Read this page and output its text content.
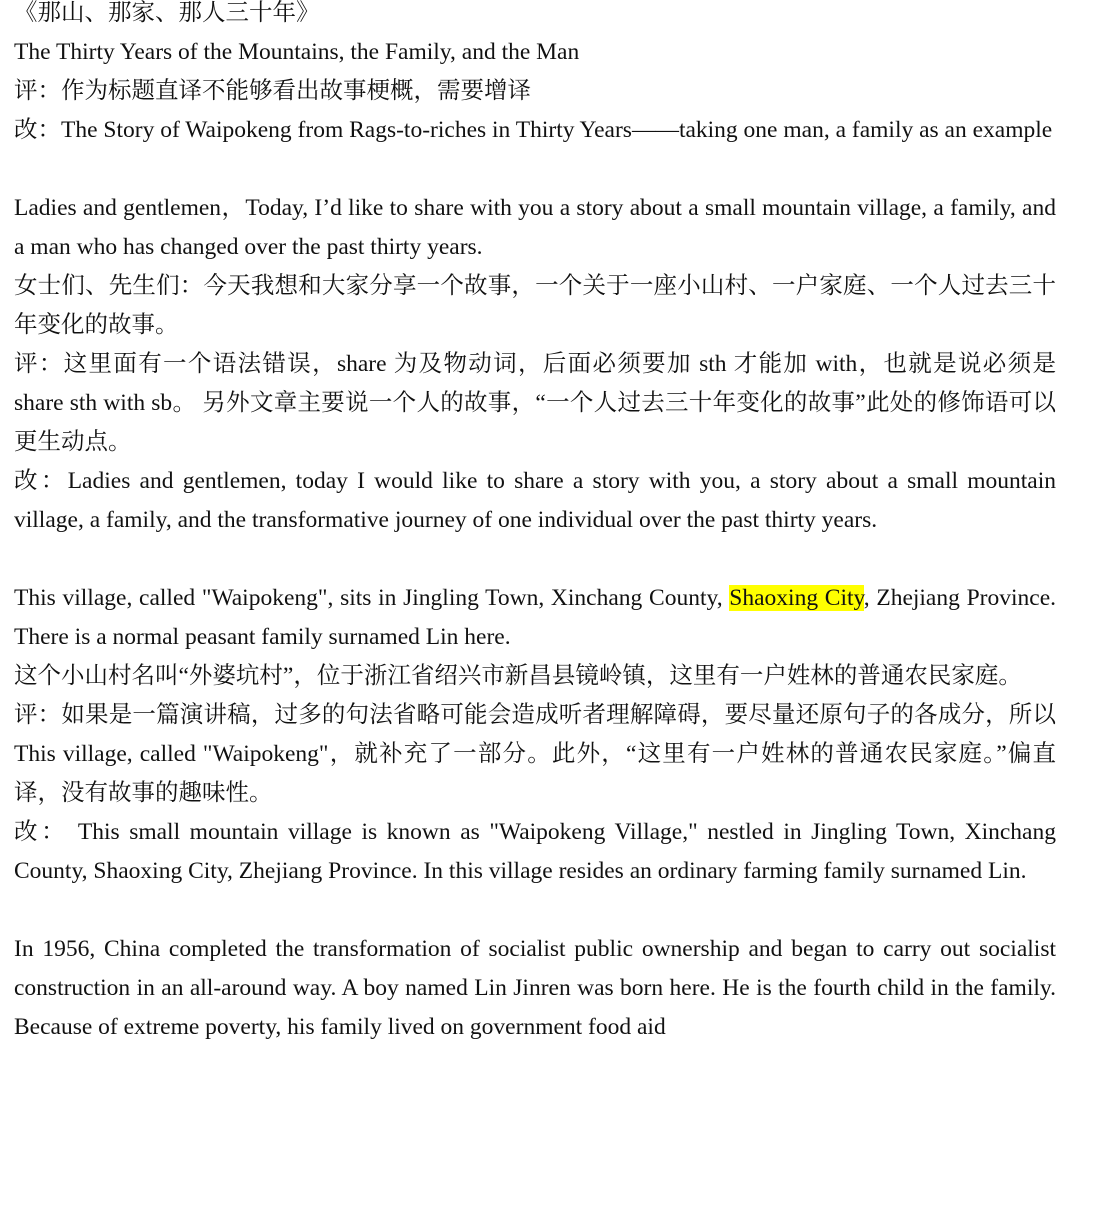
《那山、那家、那人三十年》

The Thirty Years of the Mountains, the Family, and the Man

评：作为标题直译不能够看出故事梗概，需要增译

改：The Story of Waipokeng from Rags-to-riches in Thirty Years——taking one man, a family as an example

Ladies and gentlemen，Today, I’d like to share with you a story about a small mountain village, a family, and a man who has changed over the past thirty years.

女士们、先生们：今天我想和大家分享一个故事，一个关于一座小山村、一户家庭、一个人过去三十年变化的故事。

评：这里面有一个语法错误，share 为及物动词，后面必须要加 sth 才能加 with，也就是说必须是 share sth with sb。 另外文章主要说一个人的故事，“一个人过去三十年变化的故事”此处的修饰语可以更生动点。

改：Ladies and gentlemen, today I would like to share a story with you, a story about a small mountain village, a family, and the transformative journey of one individual over the past thirty years.

This village, called "Waipokeng", sits in Jingling Town, Xinchang County, Shaoxing City, Zhejiang Province. There is a normal peasant family surnamed Lin here.

这个小山村名叫“外婆坑村”，位于浙江省绍兴市新昌县镜岭镇，这里有一户姓林的普通农民家庭。

评：如果是一篇演讲稿，过多的句法省略可能会造成听者理解障碍，要尽量还原句子的各成分，所以 This village, called "Waipokeng"，就补充了一部分。此外，“这里有一户姓林的普通农民家庭。”偏直译，没有故事的趣味性。

改： This small mountain village is known as "Waipokeng Village," nestled in Jingling Town, Xinchang County, Shaoxing City, Zhejiang Province. In this village resides an ordinary farming family surnamed Lin.

In 1956, China completed the transformation of socialist public ownership and began to carry out socialist construction in an all-around way. A boy named Lin Jinren was born here. He is the fourth child in the family. Because of extreme poverty, his family lived on government food aid
